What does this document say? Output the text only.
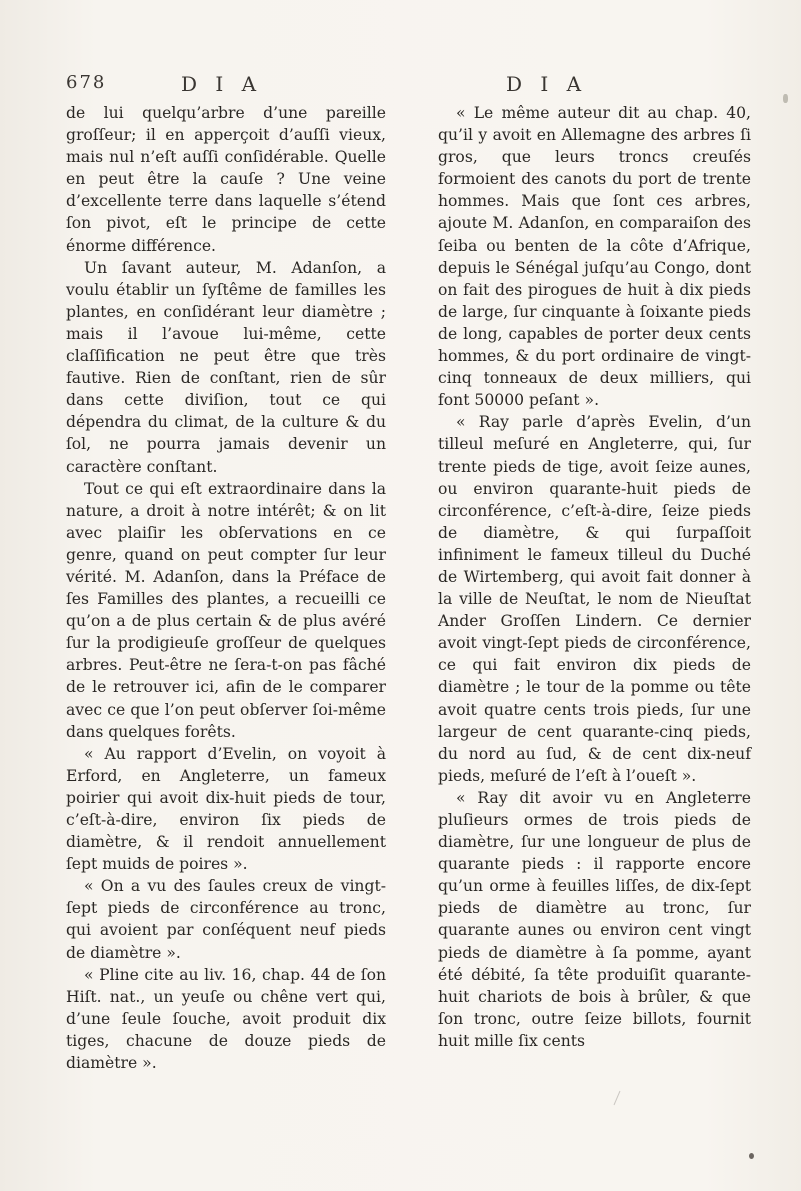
678	D I A	D I A

de lui quelqu’arbre d’une pareille groſſeur; il en apperçoit d’auſſi vieux, mais nul n’eſt auſſi conſidérable. Quelle en peut être la cauſe ? Une veine d’excellente terre dans laquelle s’étend ſon pivot, eſt le principe de cette énorme différence.

Un ſavant auteur, M. Adanſon, a voulu établir un ſyſtême de familles les plantes, en conſidérant leur diamètre ; mais il l’avoue lui-même, cette claſſification ne peut être que très fautive. Rien de conſtant, rien de sûr dans cette diviſion, tout ce qui dépendra du climat, de la culture & du ſol, ne pourra jamais devenir un caractère conſtant.

Tout ce qui eſt extraordinaire dans la nature, a droit à notre intérêt; & on lit avec plaiſir les obſervations en ce genre, quand on peut compter ſur leur vérité. M. Adanſon, dans la Préface de ſes Familles des plantes, a recueilli ce qu’on a de plus certain & de plus avéré ſur la prodigieuſe groſſeur de quelques arbres. Peut-être ne ſera-t-on pas fâché de le retrouver ici, afin de le comparer avec ce que l’on peut obſerver ſoi-même dans quelques forêts.

« Au rapport d’Evelin, on voyoit à Erford, en Angleterre, un fameux poirier qui avoit dix-huit pieds de tour, c’eſt-à-dire, environ ſix pieds de diamètre, & il rendoit annuellement ſept muids de poires ».

« On a vu des ſaules creux de vingt-ſept pieds de circonférence au tronc, qui avoient par conſéquent neuf pieds de diamètre ».

« Pline cite au liv. 16, chap. 44 de ſon Hiſt. nat., un yeuſe ou chêne vert qui, d’une ſeule ſouche, avoit produit dix tiges, chacune de douze pieds de diamètre ».

« Le même auteur dit au chap. 40, qu’il y avoit en Allemagne des arbres ſi gros, que leurs troncs creuſés formoient des canots du port de trente hommes. Mais que ſont ces arbres, ajoute M. Adanſon, en comparaiſon des ſeiba ou benten de la côte d’Afrique, depuis le Sénégal juſqu’au Congo, dont on fait des pirogues de huit à dix pieds de large, ſur cinquante à ſoixante pieds de long, capables de porter deux cents hommes, & du port ordinaire de vingt-cinq tonneaux de deux milliers, qui font 50000 peſant ».

« Ray parle d’après Evelin, d’un tilleul meſuré en Angleterre, qui, ſur trente pieds de tige, avoit ſeize aunes, ou environ quarante-huit pieds de circonférence, c’eſt-à-dire, ſeize pieds de diamètre, & qui ſurpaſſoit infiniment le fameux tilleul du Duché de Wirtemberg, qui avoit fait donner à la ville de Neuſtat, le nom de Nieuſtat Ander Groſſen Lindern. Ce dernier avoit vingt-ſept pieds de circonférence, ce qui fait environ dix pieds de diamètre ; le tour de la pomme ou tête avoit quatre cents trois pieds, ſur une largeur de cent quarante-cinq pieds, du nord au ſud, & de cent dix-neuf pieds, meſuré de l’eſt à l’oueſt ».

« Ray dit avoir vu en Angleterre pluſieurs ormes de trois pieds de diamètre, ſur une longueur de plus de quarante pieds : il rapporte encore qu’un orme à feuilles liſſes, de dix-ſept pieds de diamètre au tronc, ſur quarante aunes ou environ cent vingt pieds de diamètre à ſa pomme, ayant été débité, ſa tête produiſit quarante-huit chariots de bois à brûler, & que ſon tronc, outre ſeize billots, fournit huit mille ſix cents
